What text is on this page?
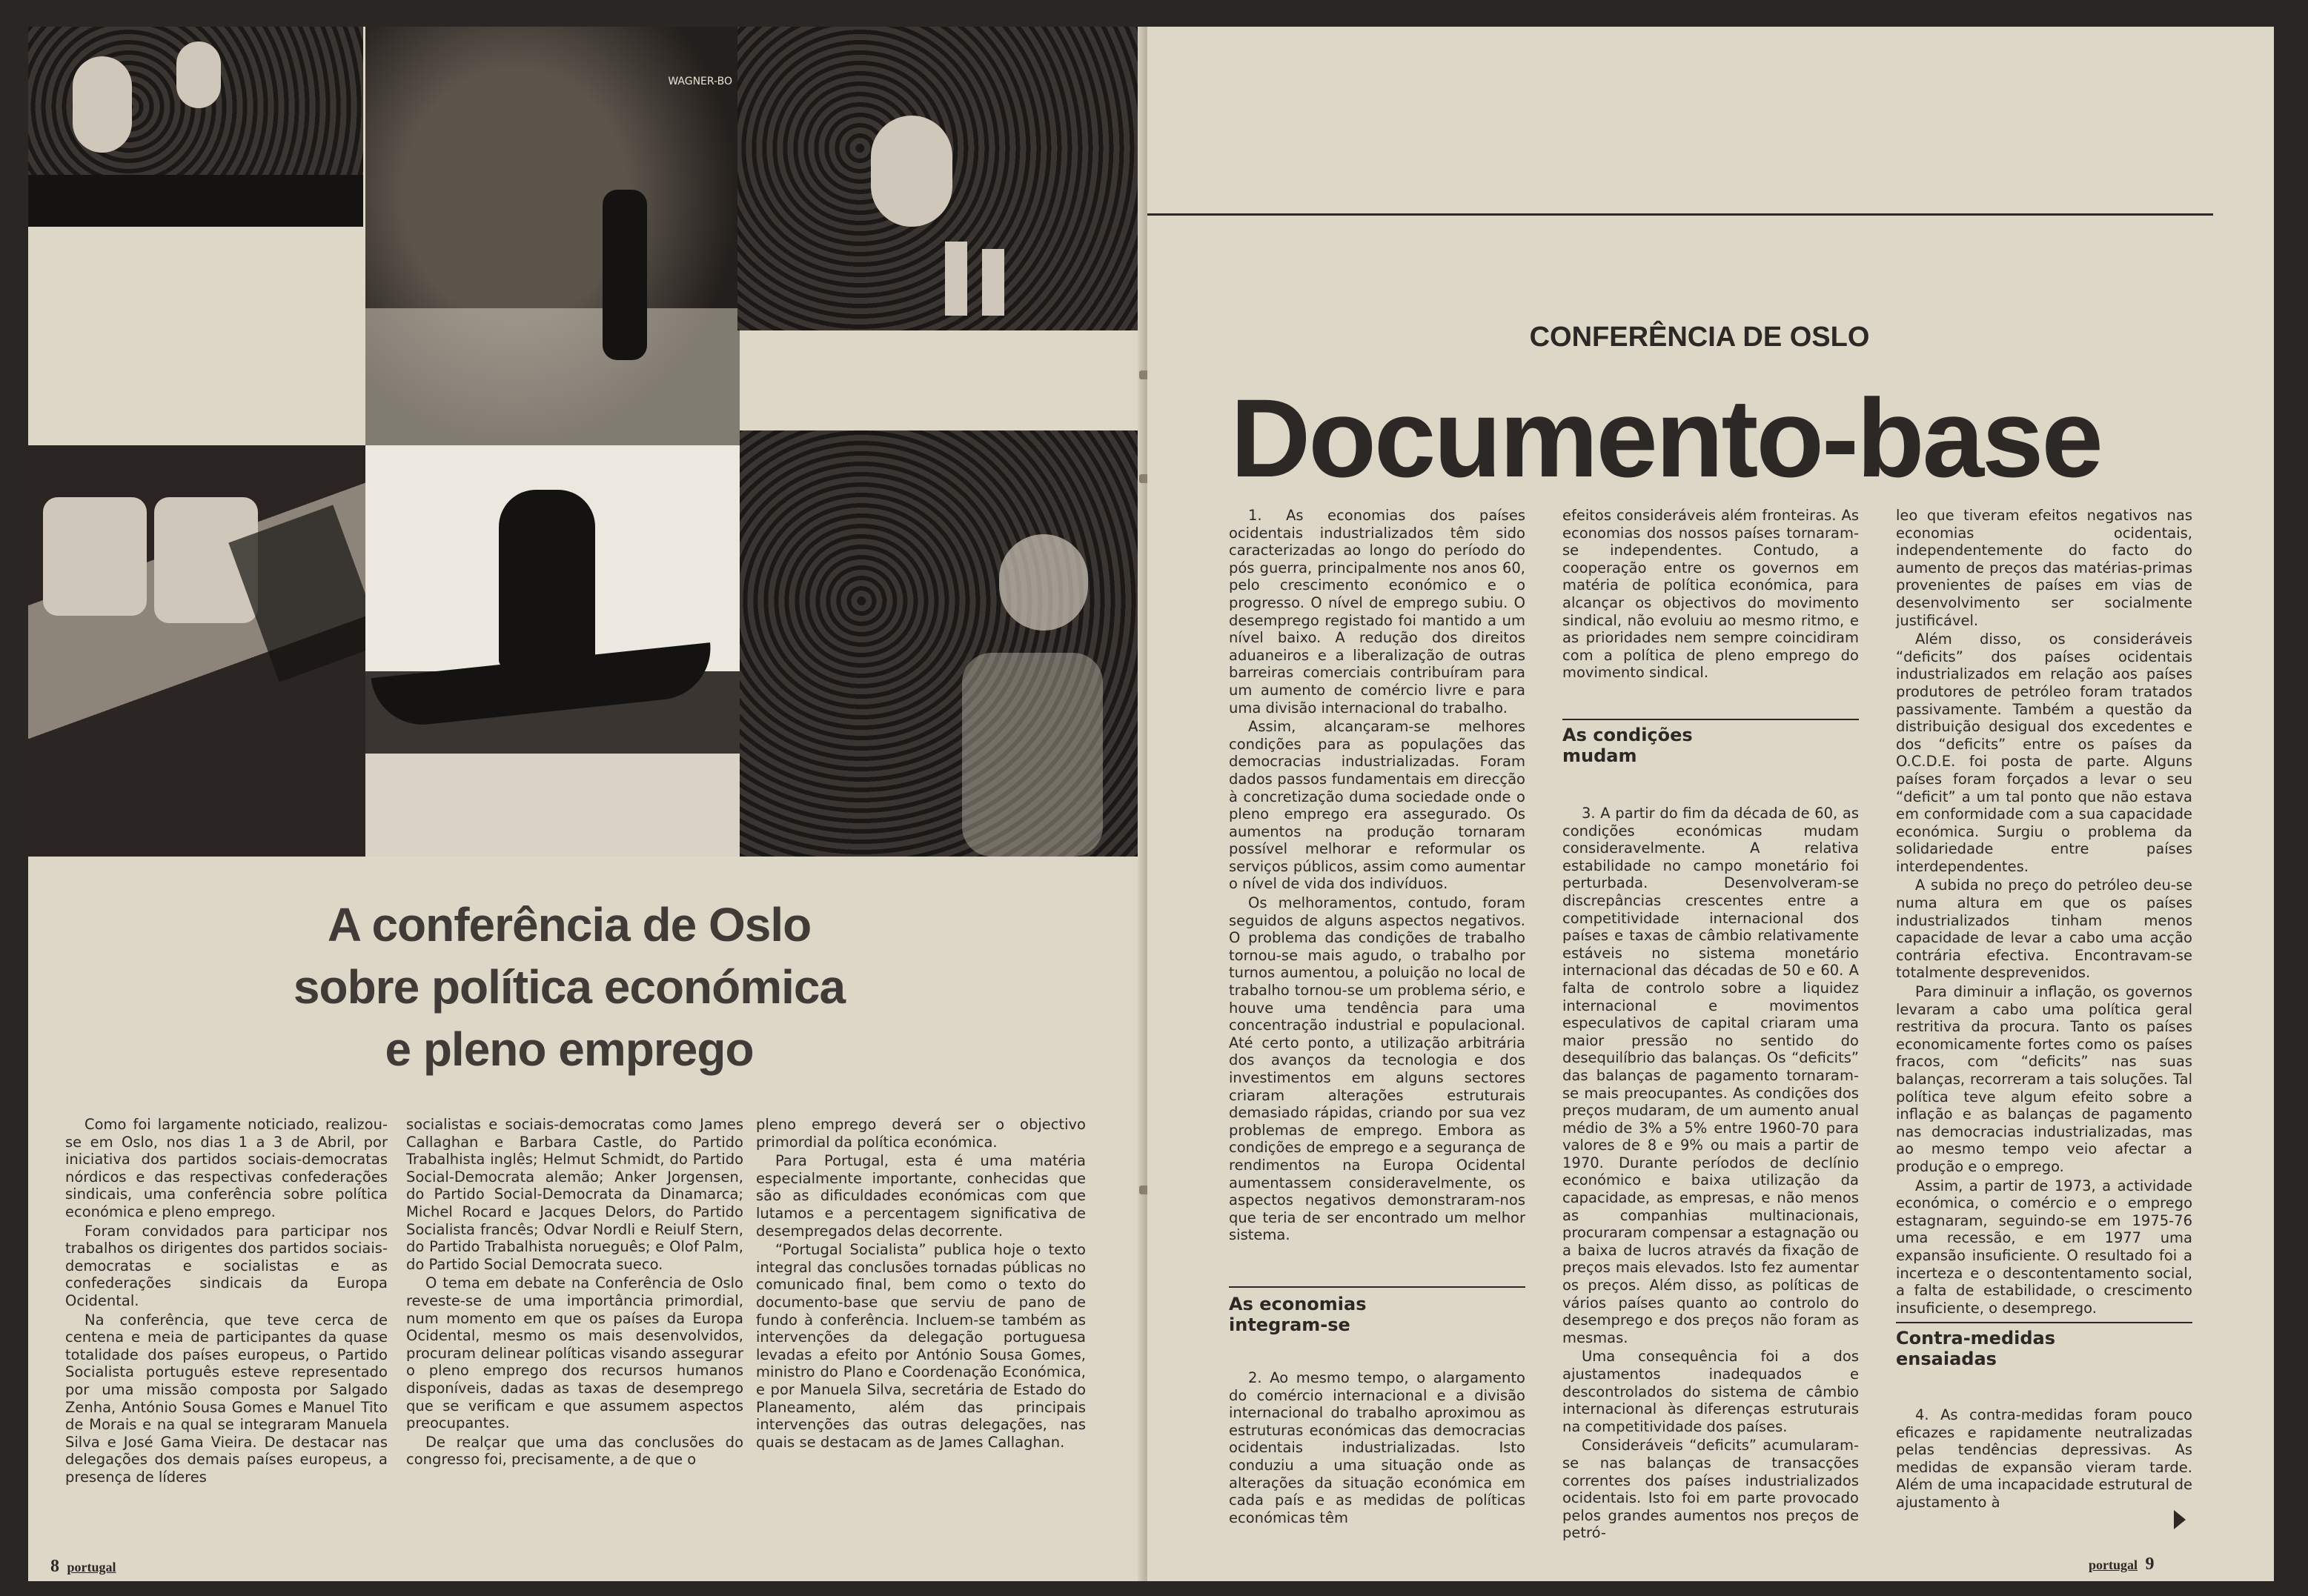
WAGNER-BO
A conferência de Oslo
sobre política económica
e pleno emprego

Como foi largamente noticiado, realizou-se em Oslo, nos dias 1 a 3 de Abril, por iniciativa dos partidos sociais-democratas nórdicos e das respectivas confederações sindicais, uma conferência sobre política económica e pleno emprego.

Foram convidados para participar nos trabalhos os dirigentes dos partidos sociais-democratas e socialistas e as confederações sindicais da Europa Ocidental.

Na conferência, que teve cerca de centena e meia de participantes da quase totalidade dos países europeus, o Partido Socialista português esteve representado por uma missão composta por Salgado Zenha, António Sousa Gomes e Manuel Tito de Morais e na qual se integraram Manuela Silva e José Gama Vieira. De destacar nas delegações dos demais países europeus, a presença de líderes

socialistas e sociais-democratas como James Callaghan e Barbara Castle, do Partido Trabalhista inglês; Helmut Schmidt, do Partido Social-Democrata alemão; Anker Jorgensen, do Partido Social-Democrata da Dinamarca; Michel Rocard e Jacques Delors, do Partido Socialista francês; Odvar Nordli e Reiulf Stern, do Partido Trabalhista norueguês; e Olof Palm, do Partido Social Democrata sueco.

O tema em debate na Conferência de Oslo reveste-se de uma importância primordial, num momento em que os países da Europa Ocidental, mesmo os mais desenvolvidos, procuram delinear políticas visando assegurar o pleno emprego dos recursos humanos disponíveis, dadas as taxas de desemprego que se verificam e que assumem aspectos preocupantes.

De realçar que uma das conclusões do congresso foi, precisamente, a de que o

pleno emprego deverá ser o objectivo primordial da política económica.

Para Portugal, esta é uma matéria especialmente importante, conhecidas que são as dificuldades económicas com que lutamos e a percentagem significativa de desempregados delas decorrente.

“Portugal Socialista” publica hoje o texto integral das conclusões tornadas públicas no comunicado final, bem como o texto do documento-base que serviu de pano de fundo à conferência. Incluem-se também as intervenções da delegação portuguesa levadas a efeito por António Sousa Gomes, ministro do Plano e Coordenação Económica, e por Manuela Silva, secretária de Estado do Planeamento, além das principais intervenções das outras delegações, nas quais se destacam as de James Callaghan.

8 portugal
CONFERÊNCIA DE OSLO
Documento-base

1. As economias dos países ocidentais industrializados têm sido caracterizadas ao longo do período do pós guerra, principalmente nos anos 60, pelo crescimento económico e o progresso. O nível de emprego subiu. O desemprego registado foi mantido a um nível baixo. A redução dos direitos aduaneiros e a liberalização de outras barreiras comerciais contribuíram para um aumento de comércio livre e para uma divisão internacional do trabalho.

Assim, alcançaram-se melhores condições para as populações das democracias industrializadas. Foram dados passos fundamentais em direcção à concretização duma sociedade onde o pleno emprego era assegurado. Os aumentos na produção tornaram possível melhorar e reformular os serviços públicos, assim como aumentar o nível de vida dos indivíduos.

Os melhoramentos, contudo, foram seguidos de alguns aspectos negativos. O problema das condições de trabalho tornou-se mais agudo, o trabalho por turnos aumentou, a poluição no local de trabalho tornou-se um problema sério, e houve uma tendência para uma concentração industrial e populacional. Até certo ponto, a utilização arbitrária dos avanços da tecnologia e dos investimentos em alguns sectores criaram alterações estruturais demasiado rápidas, criando por sua vez problemas de emprego. Embora as condições de emprego e a segurança de rendimentos na Europa Ocidental aumentassem consideravelmente, os aspectos negativos demonstraram-nos que teria de ser encontrado um melhor sistema.

As economias
integram-se

2. Ao mesmo tempo, o alargamento do comércio internacional e a divisão internacional do trabalho aproximou as estruturas económicas das democracias ocidentais industrializadas. Isto conduziu a uma situação onde as alterações da situação económica em cada país e as medidas de políticas económicas têm

efeitos consideráveis além fronteiras. As economias dos nossos países tornaram-se independentes. Contudo, a cooperação entre os governos em matéria de política económica, para alcançar os objectivos do movimento sindical, não evoluiu ao mesmo ritmo, e as prioridades nem sempre coincidiram com a política de pleno emprego do movimento sindical.

As condições
mudam

3. A partir do fim da década de 60, as condições económicas mudam consideravelmente. A relativa estabilidade no campo monetário foi perturbada. Desenvolveram-se discrepâncias crescentes entre a competitividade internacional dos países e taxas de câmbio relativamente estáveis no sistema monetário internacional das décadas de 50 e 60. A falta de controlo sobre a liquidez internacional e movimentos especulativos de capital criaram uma maior pressão no sentido do desequilíbrio das balanças. Os “deficits” das balanças de pagamento tornaram-se mais preocupantes. As condições dos preços mudaram, de um aumento anual médio de 3% a 5% entre 1960-70 para valores de 8 e 9% ou mais a partir de 1970. Durante períodos de declínio económico e baixa utilização da capacidade, as empresas, e não menos as companhias multinacionais, procuraram compensar a estagnação ou a baixa de lucros através da fixação de preços mais elevados. Isto fez aumentar os preços. Além disso, as políticas de vários países quanto ao controlo do desemprego e dos preços não foram as mesmas.

Uma consequência foi a dos ajustamentos inadequados e descontrolados do sistema de câmbio internacional às diferenças estruturais na competitividade dos países.

Consideráveis “deficits” acumularam-se nas balanças de transacções correntes dos países industrializados ocidentais. Isto foi em parte provocado pelos grandes aumentos nos preços de petró-

leo que tiveram efeitos negativos nas economias ocidentais, independentemente do facto do aumento de preços das matérias-primas provenientes de países em vias de desenvolvimento ser socialmente justificável.

Além disso, os consideráveis “deficits” dos países ocidentais industrializados em relação aos países produtores de petróleo foram tratados passivamente. Também a questão da distribuição desigual dos excedentes e dos “deficits” entre os países da O.C.D.E. foi posta de parte. Alguns países foram forçados a levar o seu “deficit” a um tal ponto que não estava em conformidade com a sua capacidade económica. Surgiu o problema da solidariedade entre países interdependentes.

A subida no preço do petróleo deu-se numa altura em que os países industrializados tinham menos capacidade de levar a cabo uma acção contrária efectiva. Encontravam-se totalmente desprevenidos.

Para diminuir a inflação, os governos levaram a cabo uma política geral restritiva da procura. Tanto os países economicamente fortes como os países fracos, com “deficits” nas suas balanças, recorreram a tais soluções. Tal política teve algum efeito sobre a inflação e as balanças de pagamento nas democracias industrializadas, mas ao mesmo tempo veio afectar a produção e o emprego.

Assim, a partir de 1973, a actividade económica, o comércio e o emprego estagnaram, seguindo-se em 1975-76 uma recessão, e em 1977 uma expansão insuficiente. O resultado foi a incerteza e o descontentamento social, a falta de estabilidade, o crescimento insuficiente, o desemprego.

Contra-medidas
ensaiadas

4. As contra-medidas foram pouco eficazes e rapidamente neutralizadas pelas tendências depressivas. As medidas de expansão vieram tarde. Além de uma incapacidade estrutural de ajustamento à

portugal 9
